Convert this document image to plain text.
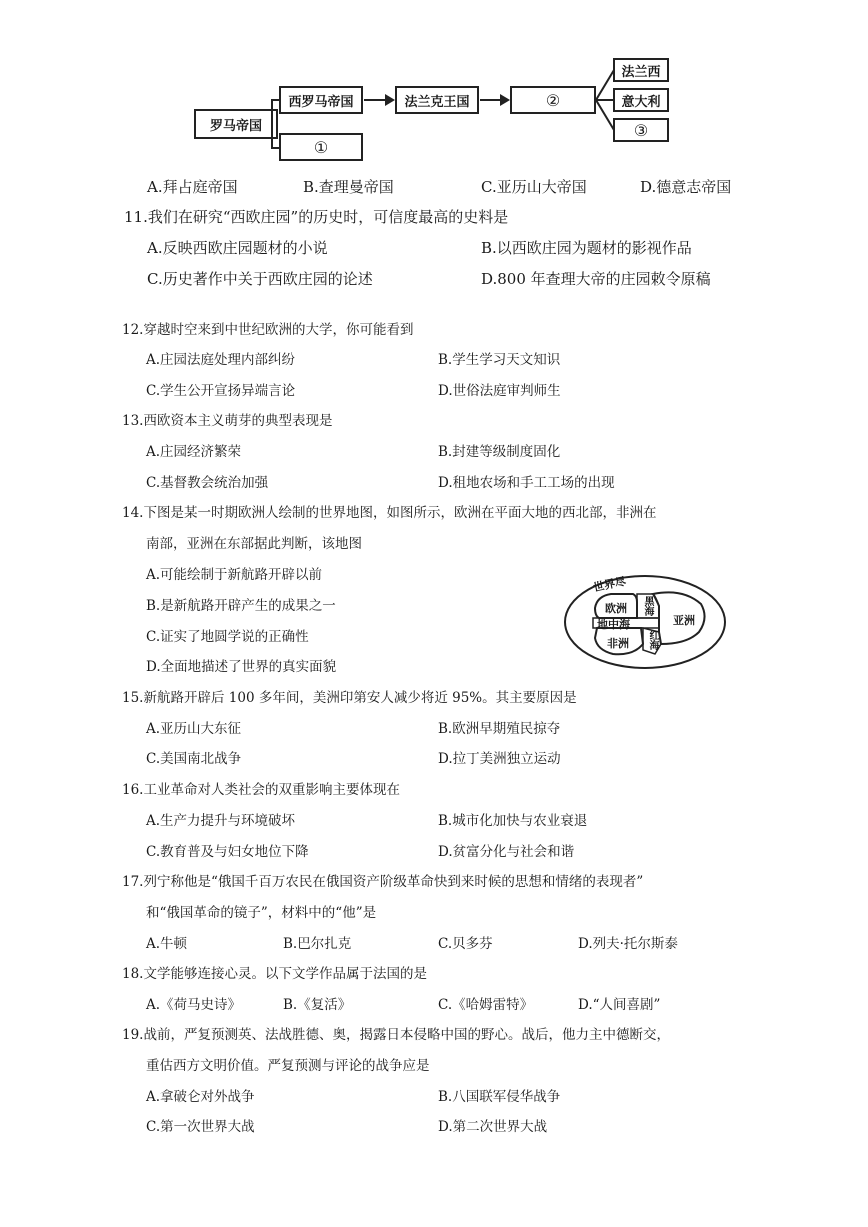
罗马帝国
西罗马帝国
①
法兰克王国	②
法兰西
意大利
③
A.拜占庭帝国	B.查理曼帝国	C.亚历山大帝国	D.德意志帝国
11.我们在研究“西欧庄园”的历史时，可信度最高的史料是
A.反映西欧庄园题材的小说	B.以西欧庄园为题材的影视作品
C.历史著作中关于西欧庄园的论述	D.800 年查理大帝的庄园敕令原稿
12.穿越时空来到中世纪欧洲的大学，你可能看到
A.庄园法庭处理内部纠纷	B.学生学习天文知识
C.学生公开宣扬异端言论	D.世俗法庭审判师生
13.西欧资本主义萌芽的典型表现是
A.庄园经济繁荣	B.封建等级制度固化
C.基督教会统治加强	D.租地农场和手工工场的出现
14.下图是某一时期欧洲人绘制的世界地图，如图所示，欧洲在平面大地的西北部，非洲在
南部，亚洲在东部据此判断，该地图
A.可能绘制于新航路开辟以前
B.是新航路开辟产生的成果之一
C.证实了地圆学说的正确性
D.全面地描述了世界的真实面貌
世界尽
欧洲 黑海
亚洲
地中海
非洲 红海
15.新航路开辟后 100 多年间，美洲印第安人减少将近 95%。其主要原因是
A.亚历山大东征	B.欧洲早期殖民掠夺
C.美国南北战争	D.拉丁美洲独立运动
16.工业革命对人类社会的双重影响主要体现在
A.生产力提升与环境破坏	B.城市化加快与农业衰退
C.教育普及与妇女地位下降	D.贫富分化与社会和谐
17.列宁称他是“俄国千百万农民在俄国资产阶级革命快到来时候的思想和情绪的表现者”
和“俄国革命的镜子”，材料中的“他”是
A.牛顿	B.巴尔扎克	C.贝多芬	D.列夫·托尔斯泰
18.文学能够连接心灵。以下文学作品属于法国的是
A.《荷马史诗》	B.《复活》	C.《哈姆雷特》	D.“人间喜剧”
19.战前，严复预测英、法战胜德、奥，揭露日本侵略中国的野心。战后，他力主中德断交，
重估西方文明价值。严复预测与评论的战争应是
A.拿破仑对外战争	B.八国联军侵华战争
C.第一次世界大战	D.第二次世界大战
